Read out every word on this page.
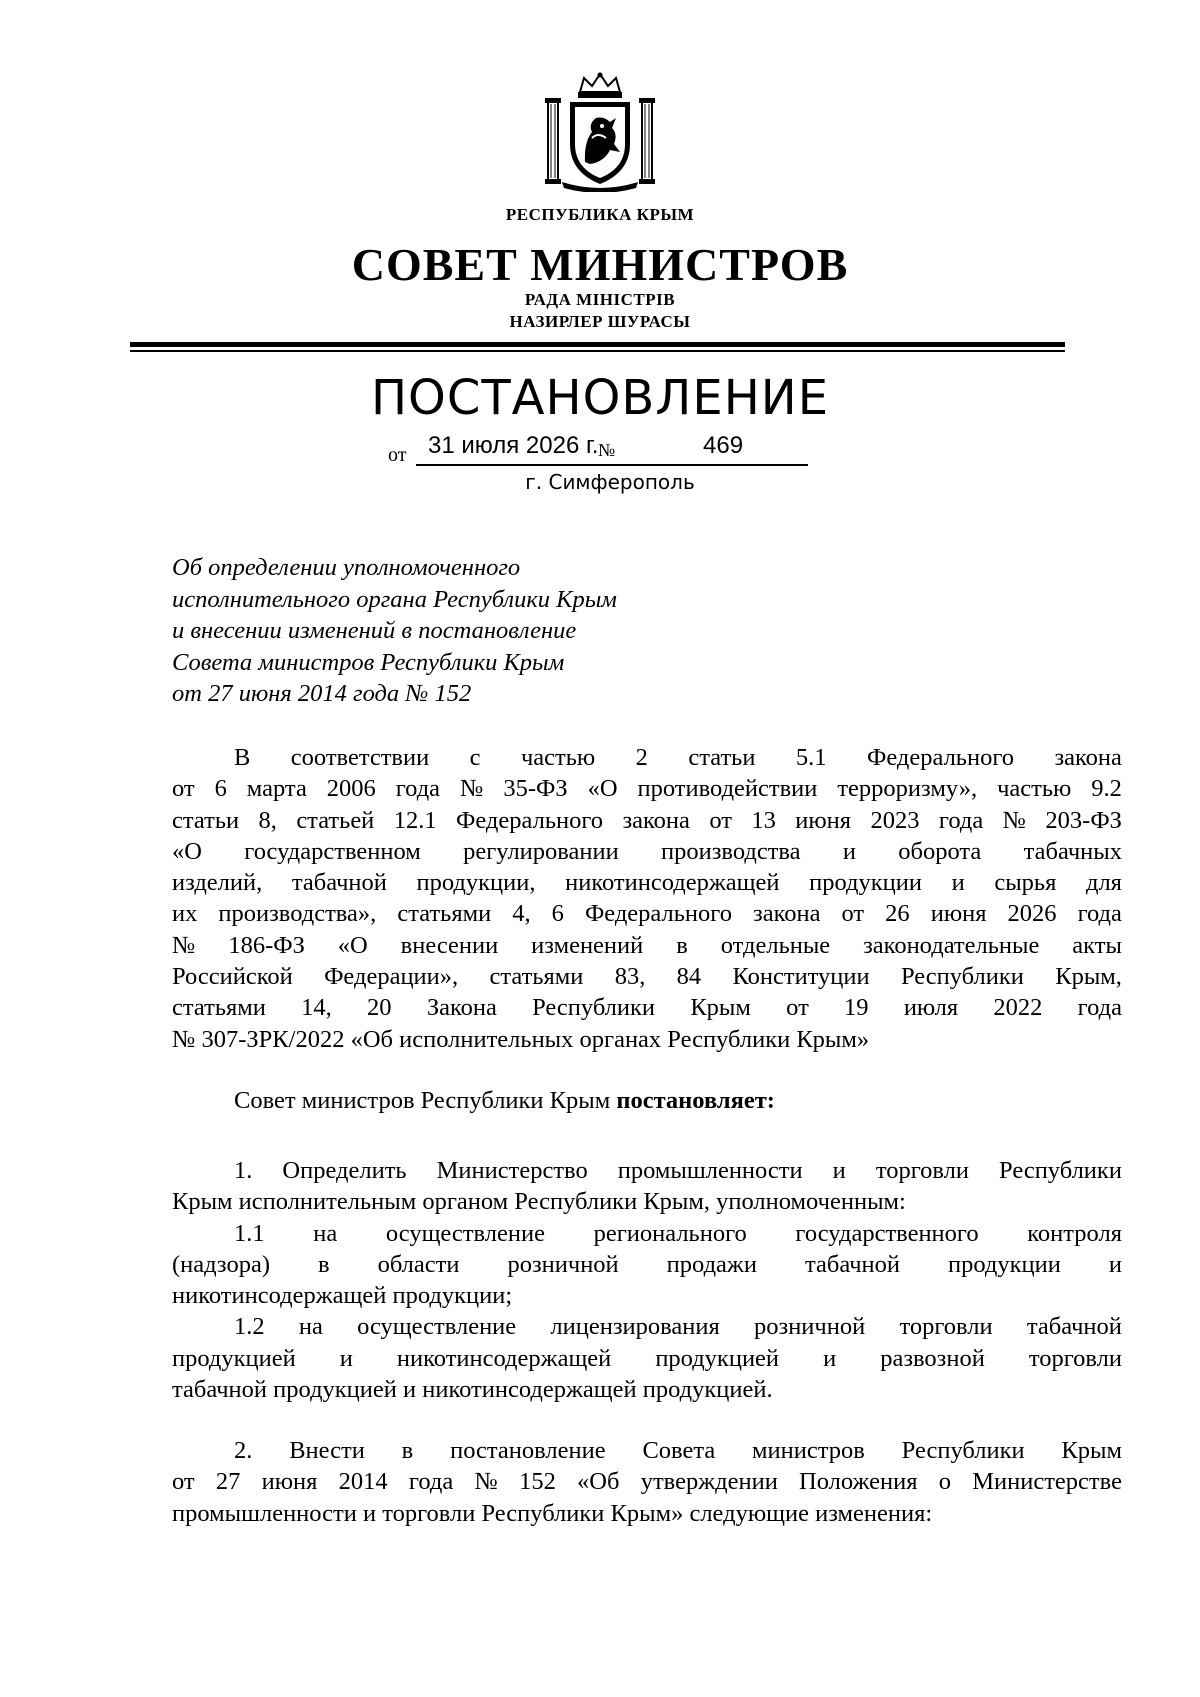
РЕСПУБЛИКА КРЫМ
СОВЕТ МИНИСТРОВ
РАДА МІНІСТРІВ
НАЗИРЛЕР ШУРАСЫ
ПОСТАНОВЛЕНИЕ
от 31 июля 2026 г. №	469
г. Симферополь
Об определении уполномоченного
исполнительного органа Республики Крым
и внесении изменений в постановление
Совета министров Республики Крым
от 27 июня 2014 года № 152
В соответствии с частью 2 статьи 5.1 Федерального закона
от 6 марта 2006 года № 35-ФЗ «О противодействии терроризму», частью 9.2
статьи 8, статьей 12.1 Федерального закона от 13 июня 2023 года № 203-ФЗ
«О государственном регулировании производства и оборота табачных
изделий, табачной продукции, никотинсодержащей продукции и сырья для
их производства», статьями 4, 6 Федерального закона от 26 июня 2026 года
№ 186-ФЗ «О внесении изменений в отдельные законодательные акты
Российской Федерации», статьями 83, 84 Конституции Республики Крым,
статьями 14, 20 Закона Республики Крым от 19 июля 2022 года
№ 307-ЗРК/2022 «Об исполнительных органах Республики Крым»
Совет министров Республики Крым постановляет:
1. Определить Министерство промышленности и торговли Республики
Крым исполнительным органом Республики Крым, уполномоченным:
1.1 на осуществление регионального государственного контроля
(надзора) в области розничной продажи табачной продукции и
никотинсодержащей продукции;
1.2 на осуществление лицензирования розничной торговли табачной
продукцией и никотинсодержащей продукцией и развозной торговли
табачной продукцией и никотинсодержащей продукцией.
2. Внести в постановление Совета министров Республики Крым
от 27 июня 2014 года № 152 «Об утверждении Положения о Министерстве
промышленности и торговли Республики Крым» следующие изменения:
